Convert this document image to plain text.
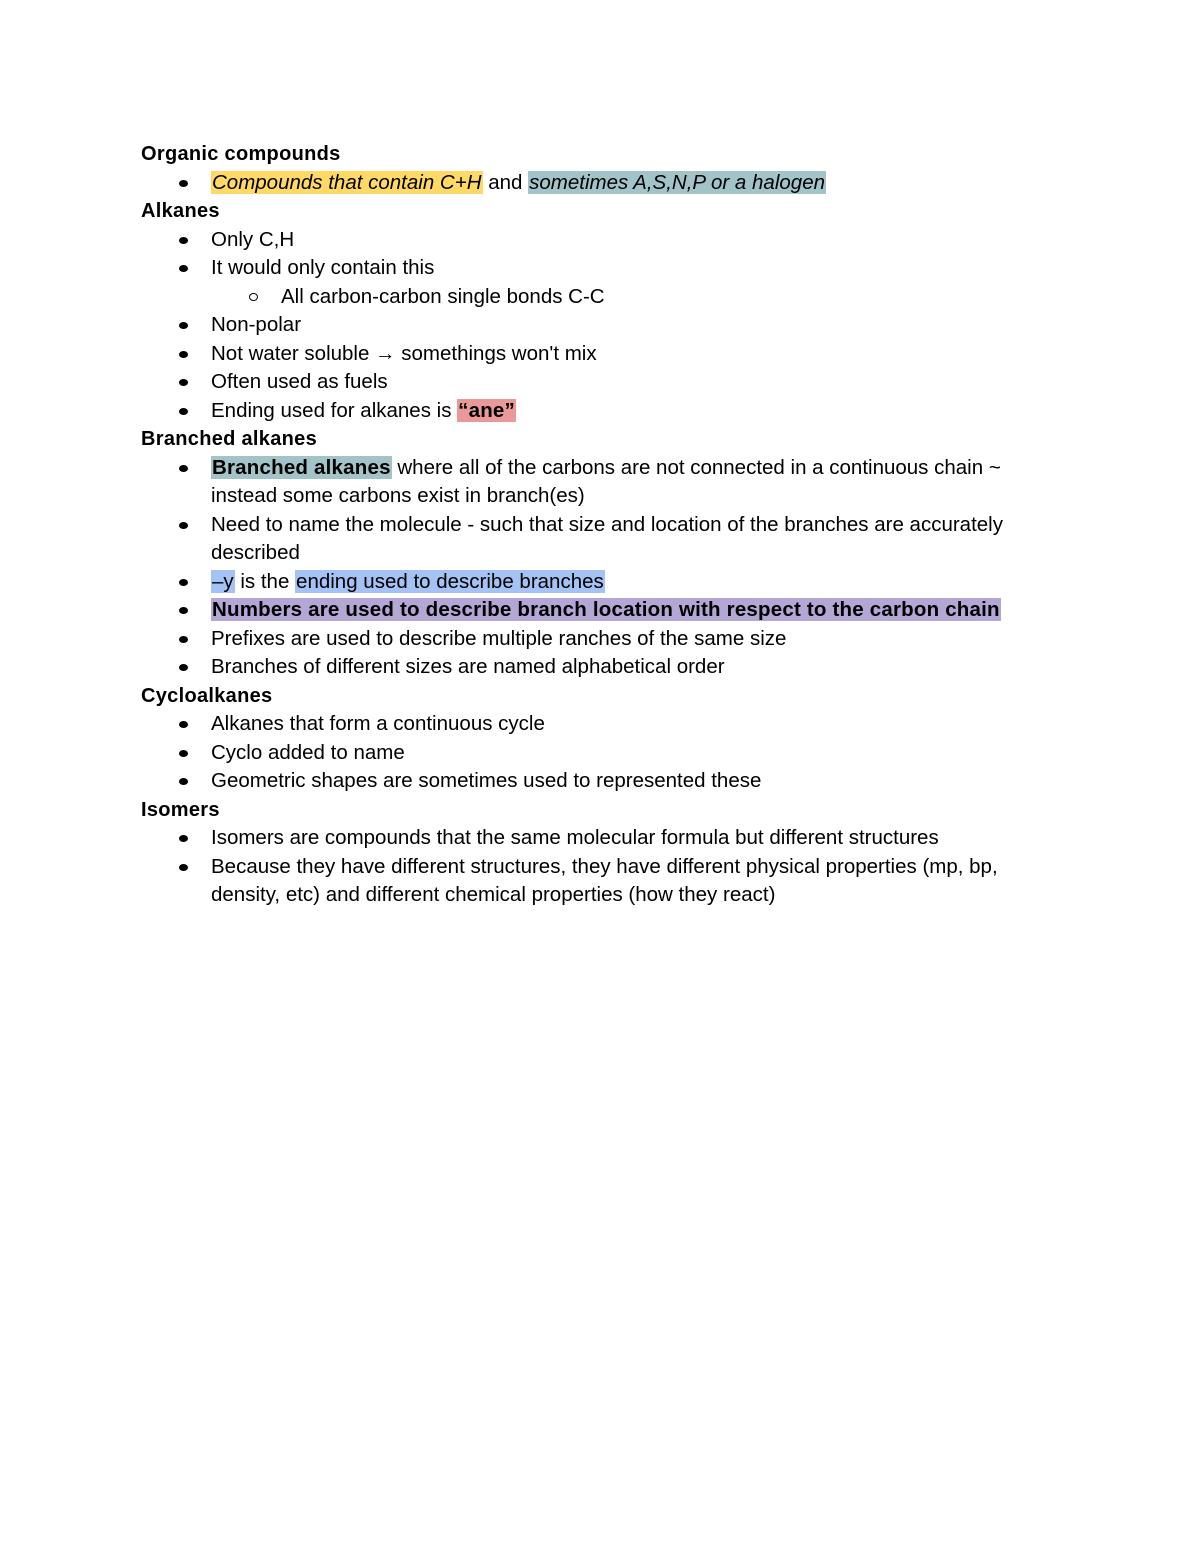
Organic compounds
Compounds that contain C+H and sometimes A,S,N,P or a halogen
Alkanes
Only C,H
It would only contain this
All carbon-carbon single bonds C-C
Non-polar
Not water soluble → somethings won't mix
Often used as fuels
Ending used for alkanes is “ane”
Branched alkanes
Branched alkanes where all of the carbons are not connected in a continuous chain ~ instead some carbons exist in branch(es)
Need to name the molecule - such that size and location of the branches are accurately described
–y is the ending used to describe branches
Numbers are used to describe branch location with respect to the carbon chain
Prefixes are used to describe multiple ranches of the same size
Branches of different sizes are named alphabetical order
Cycloalkanes
Alkanes that form a continuous cycle
Cyclo added to name
Geometric shapes are sometimes used to represented these
Isomers
Isomers are compounds that the same molecular formula but different structures
Because they have different structures, they have different physical properties (mp, bp, density, etc) and different chemical properties (how they react)
